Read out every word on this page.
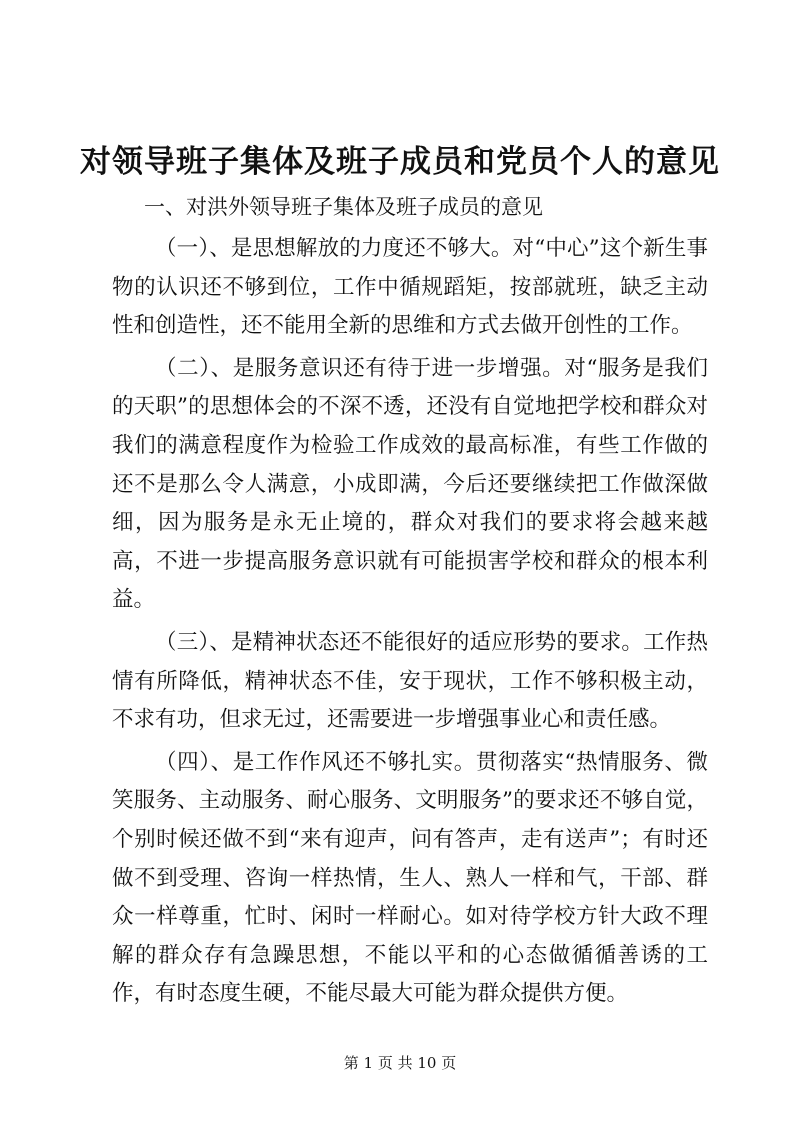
对领导班子集体及班子成员和党员个人的意见

一、对洪外领导班子集体及班子成员的意见

（一）、是思想解放的力度还不够大。对“中心”这个新生事物的认识还不够到位，工作中循规蹈矩，按部就班，缺乏主动性和创造性，还不能用全新的思维和方式去做开创性的工作。

（二）、是服务意识还有待于进一步增强。对“服务是我们的天职”的思想体会的不深不透，还没有自觉地把学校和群众对我们的满意程度作为检验工作成效的最高标准，有些工作做的还不是那么令人满意，小成即满，今后还要继续把工作做深做细，因为服务是永无止境的，群众对我们的要求将会越来越高，不进一步提高服务意识就有可能损害学校和群众的根本利益。

（三）、是精神状态还不能很好的适应形势的要求。工作热情有所降低，精神状态不佳，安于现状，工作不够积极主动，不求有功，但求无过，还需要进一步增强事业心和责任感。

（四）、是工作作风还不够扎实。贯彻落实“热情服务、微笑服务、主动服务、耐心服务、文明服务”的要求还不够自觉，个别时候还做不到“来有迎声，问有答声，走有送声”；有时还做不到受理、咨询一样热情，生人、熟人一样和气，干部、群众一样尊重，忙时、闲时一样耐心。如对待学校方针大政不理解的群众存有急躁思想，不能以平和的心态做循循善诱的工作，有时态度生硬，不能尽最大可能为群众提供方便。

第 1 页 共 10 页
